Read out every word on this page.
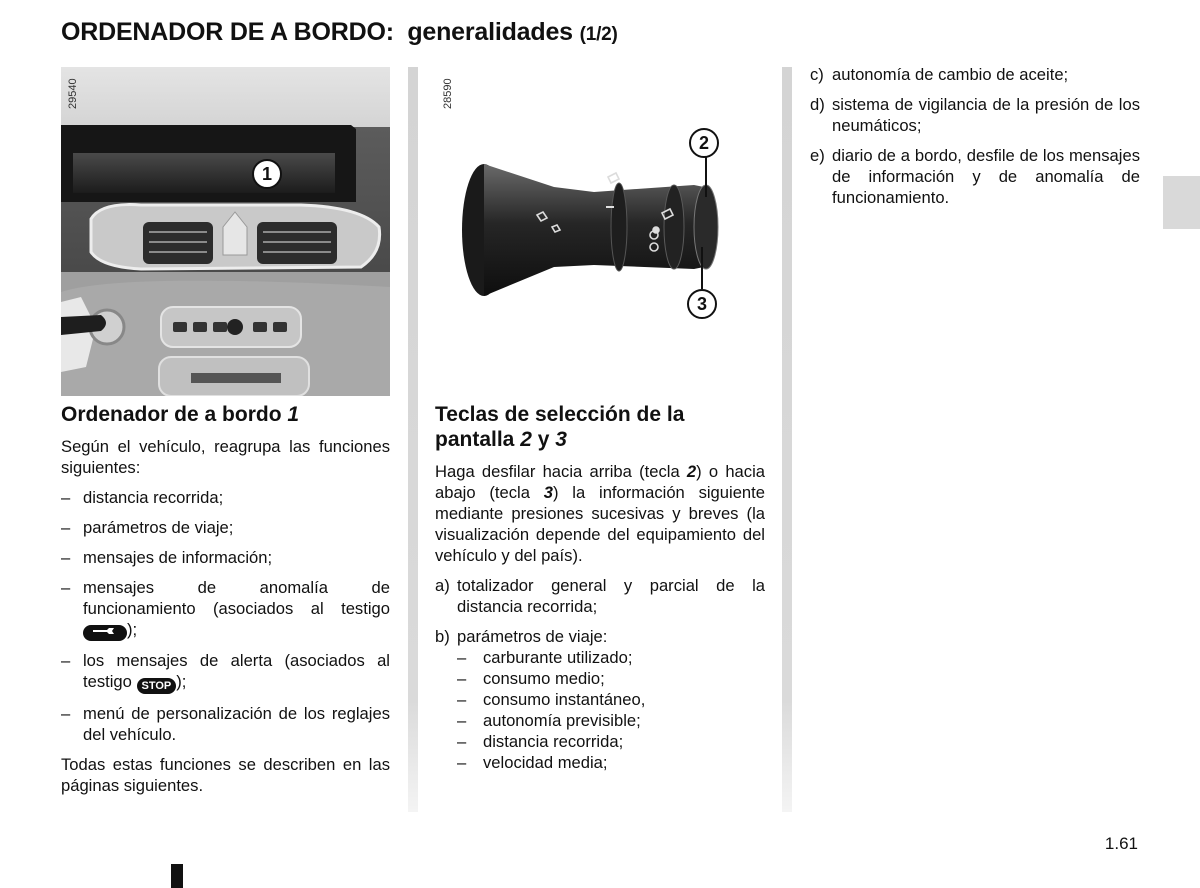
ORDENADOR DE A BORDO:  generalidades (1/2)
29540
1
28590
2
3
Ordenador de a bordo 1
Según el vehículo, reagrupa las funciones siguientes:
– distancia recorrida;
– parámetros de viaje;
– mensajes de información;
– mensajes de anomalía de funcionamiento (asociados al testigo );
– los mensajes de alerta (asociados al testigo STOP );
– menú de personalización de los reglajes del vehículo.
Todas estas funciones se describen en las páginas siguientes.
Teclas de selección de la
pantalla 2 y 3
Haga desfilar hacia arriba (tecla 2) o hacia abajo (tecla 3) la información siguiente mediante presiones sucesivas y breves (la visualización depende del equipamiento del vehículo y del país).
a) totalizador general y parcial de la distancia recorrida;
b) parámetros de viaje:
– carburante utilizado;
– consumo medio;
– consumo instantáneo,
– autonomía previsible;
– distancia recorrida;
– velocidad media;
c) autonomía de cambio de aceite;
d) sistema de vigilancia de la presión de los neumáticos;
e) diario de a bordo, desfile de los mensajes de información y de anomalía de funcionamiento.
1.61
